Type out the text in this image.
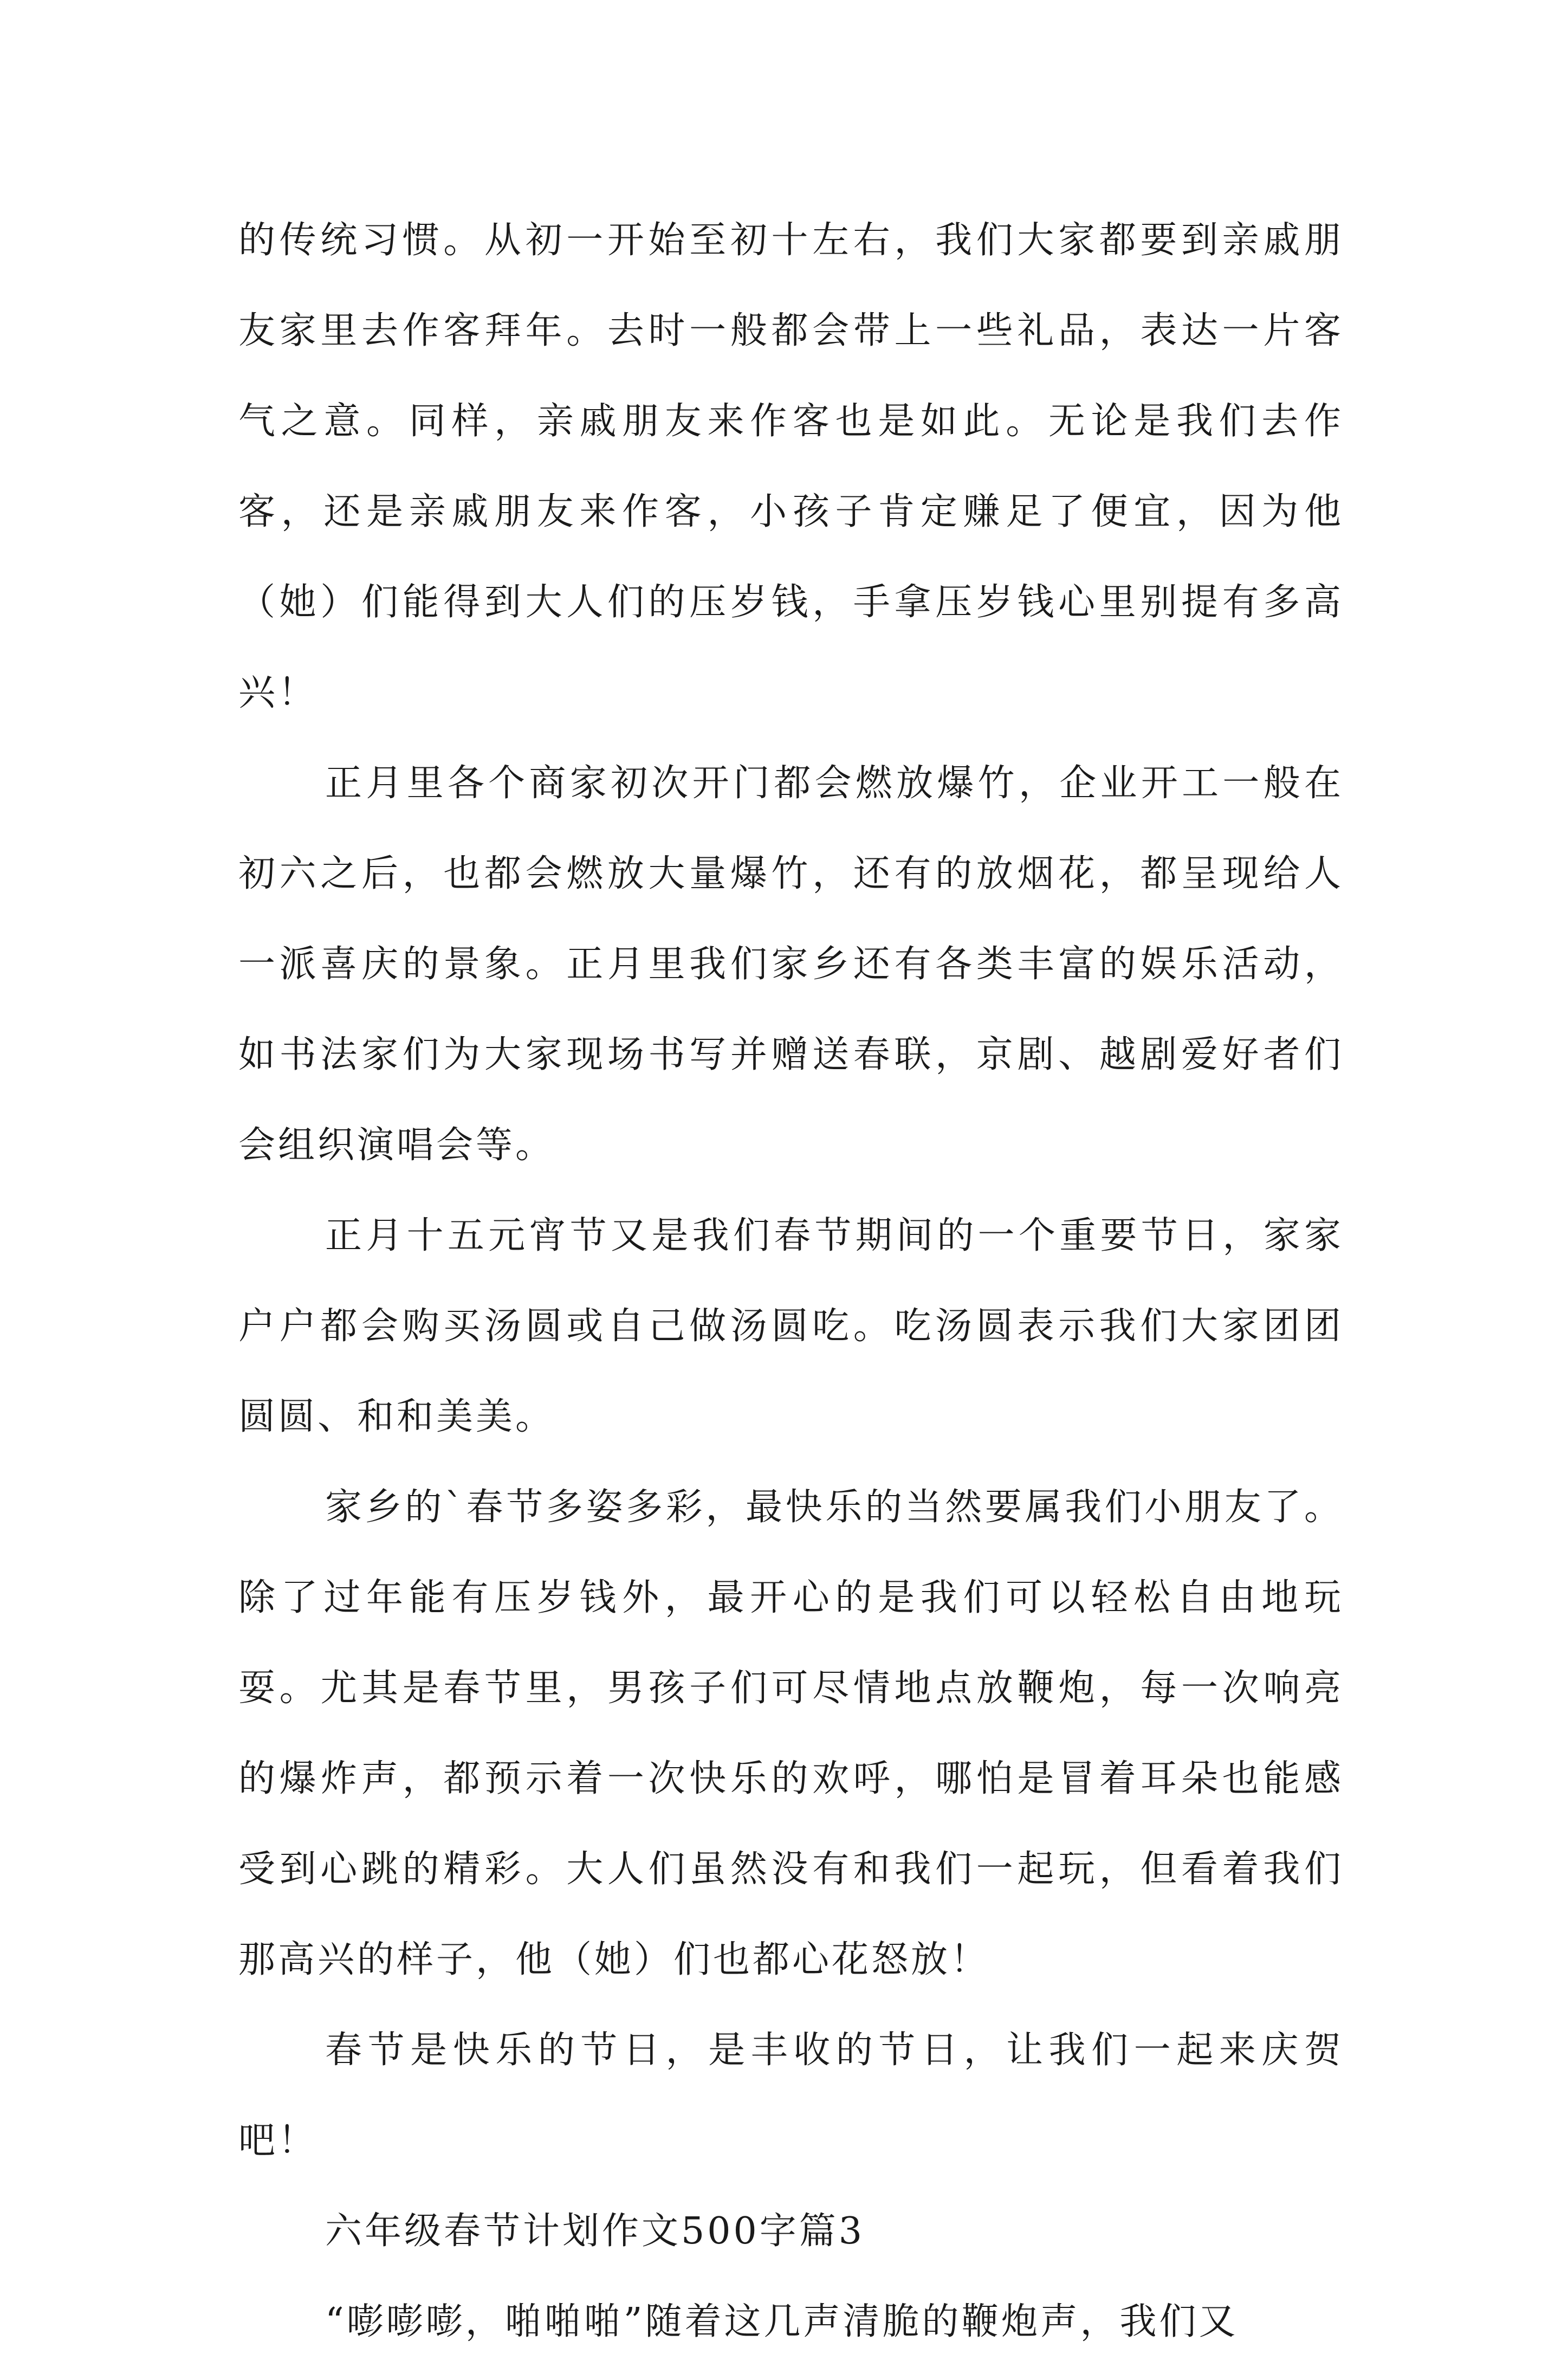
的传统习惯。从初一开始至初十左右，我们大家都要到亲戚朋友家里去作客拜年。去时一般都会带上一些礼品，表达一片客气之意。同样，亲戚朋友来作客也是如此。无论是我们去作客，还是亲戚朋友来作客，小孩子肯定赚足了便宜，因为他（她）们能得到大人们的压岁钱，手拿压岁钱心里别提有多高兴！

正月里各个商家初次开门都会燃放爆竹，企业开工一般在初六之后，也都会燃放大量爆竹，还有的放烟花，都呈现给人一派喜庆的景象。正月里我们家乡还有各类丰富的娱乐活动，如书法家们为大家现场书写并赠送春联，京剧、越剧爱好者们会组织演唱会等。

正月十五元宵节又是我们春节期间的一个重要节日，家家户户都会购买汤圆或自己做汤圆吃。吃汤圆表示我们大家团团圆圆、和和美美。

家乡的`春节多姿多彩，最快乐的当然要属我们小朋友了。除了过年能有压岁钱外，最开心的是我们可以轻松自由地玩耍。尤其是春节里，男孩子们可尽情地点放鞭炮，每一次响亮的爆炸声，都预示着一次快乐的欢呼，哪怕是冒着耳朵也能感受到心跳的精彩。大人们虽然没有和我们一起玩，但看着我们那高兴的样子，他（她）们也都心花怒放！

春节是快乐的节日，是丰收的节日，让我们一起来庆贺吧！

六年级春节计划作文500字篇3

“嘭嘭嘭，啪啪啪”随着这几声清脆的鞭炮声，我们又
